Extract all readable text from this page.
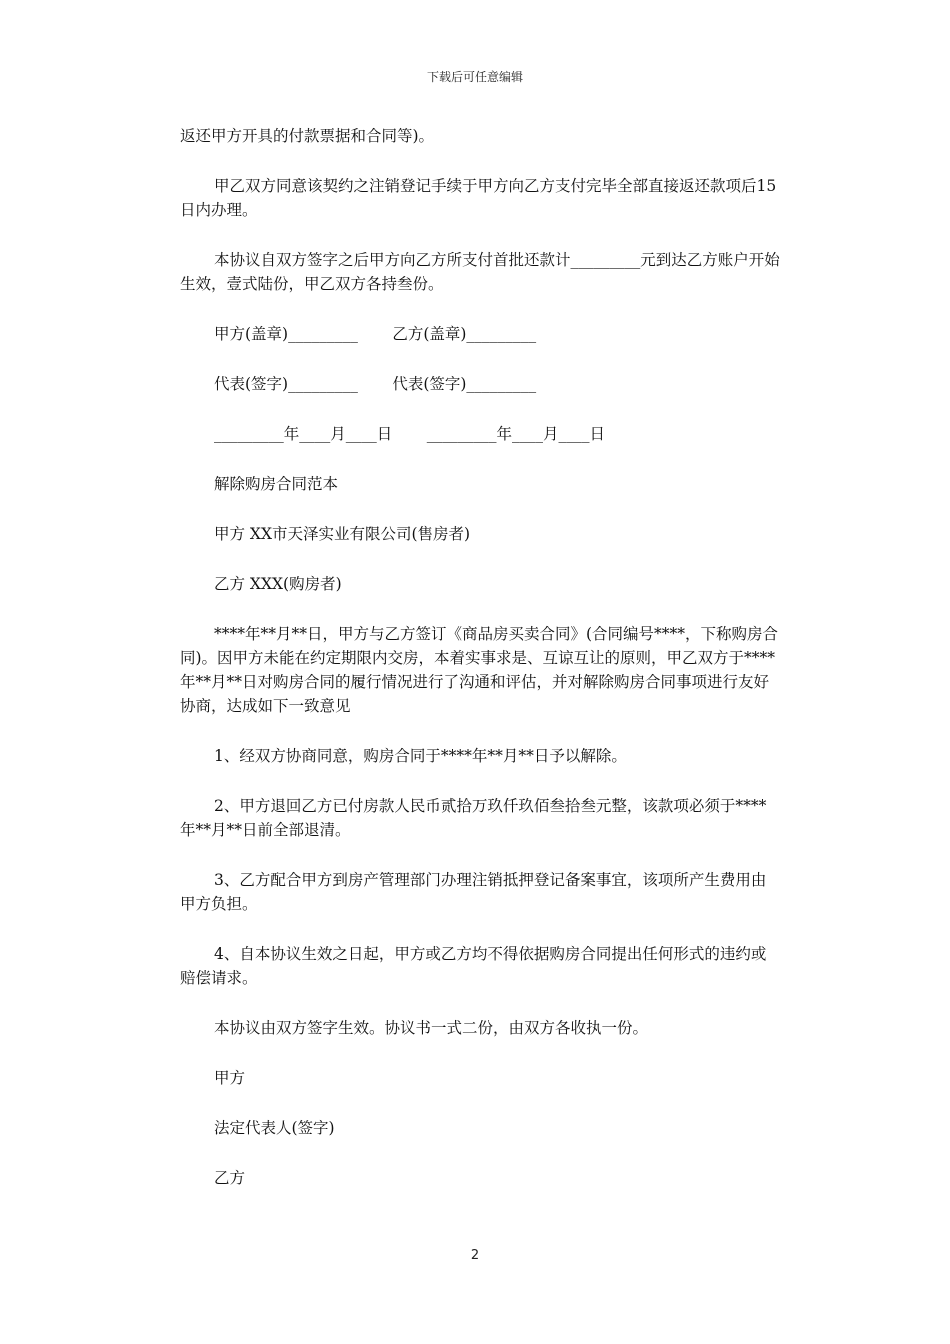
下载后可任意编辑

返还甲方开具的付款票据和合同等)。

甲乙双方同意该契约之注销登记手续于甲方向乙方支付完毕全部直接返还款项后15日内办理。

本协议自双方签字之后甲方向乙方所支付首批还款计_________元到达乙方账户开始生效，壹式陆份，甲乙双方各持叁份。

甲方(盖章)_________       乙方(盖章)_________
代表(签字)_________       代表(签字)_________
_________年____月____日       _________年____月____日

解除购房合同范本

甲方 XX市天泽实业有限公司(售房者)

乙方 XXX(购房者)

****年**月**日，甲方与乙方签订《商品房买卖合同》(合同编号****，下称购房合同)。因甲方未能在约定期限内交房，本着实事求是、互谅互让的原则，甲乙双方于****年**月**日对购房合同的履行情况进行了沟通和评估，并对解除购房合同事项进行友好协商，达成如下一致意见

1、经双方协商同意，购房合同于****年**月**日予以解除。

2、甲方退回乙方已付房款人民币贰拾万玖仟玖佰叁拾叁元整，该款项必须于****年**月**日前全部退清。

3、乙方配合甲方到房产管理部门办理注销抵押登记备案事宜，该项所产生费用由甲方负担。

4、自本协议生效之日起，甲方或乙方均不得依据购房合同提出任何形式的违约或赔偿请求。

本协议由双方签字生效。协议书一式二份，由双方各收执一份。

甲方

法定代表人(签字)

乙方

2
